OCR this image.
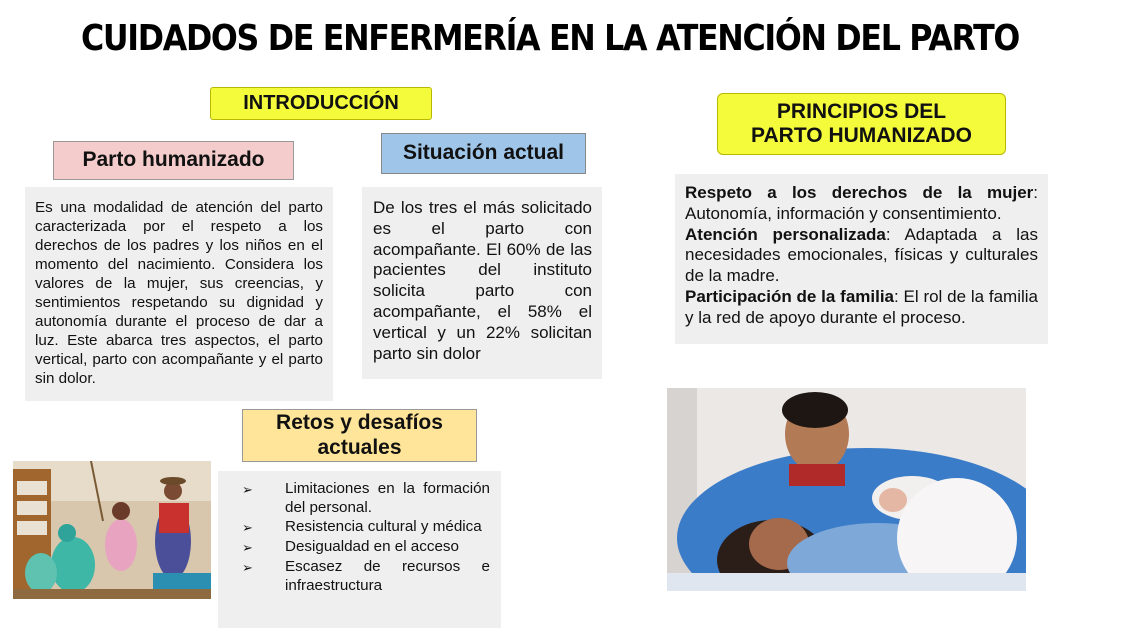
CUIDADOS DE ENFERMERÍA EN LA ATENCIÓN DEL PARTO
INTRODUCCIÓN	PRINCIPIOS DEL
PARTO HUMANIZADO
Parto humanizado	Situación actual
Es una modalidad de atención del parto caracterizada por el respeto a los derechos de los padres y los niños en el momento del nacimiento. Considera los valores de la mujer, sus creencias, y sentimientos respetando su dignidad y autonomía durante el proceso de dar a luz. Este abarca tres aspectos, el parto vertical, parto con acompañante y el parto sin dolor.
De los tres el más solicitado es el parto con acompañante. El 60% de las pacientes del instituto solicita parto con acompañante, el 58% el vertical y un 22% solicitan parto sin dolor

Respeto a los derechos de la mujer: Autonomía, información y consentimiento.

Atención personalizada: Adaptada a las necesidades emocionales, físicas y culturales de la madre.

Participación de la familia: El rol de la familia y la red de apoyo durante el proceso.

Retos y desafíos
actuales
➢	Limitaciones en la formación del personal.
➢	Resistencia cultural y médica
➢	Desigualdad en el acceso
➢	Escasez de recursos e infraestructura
